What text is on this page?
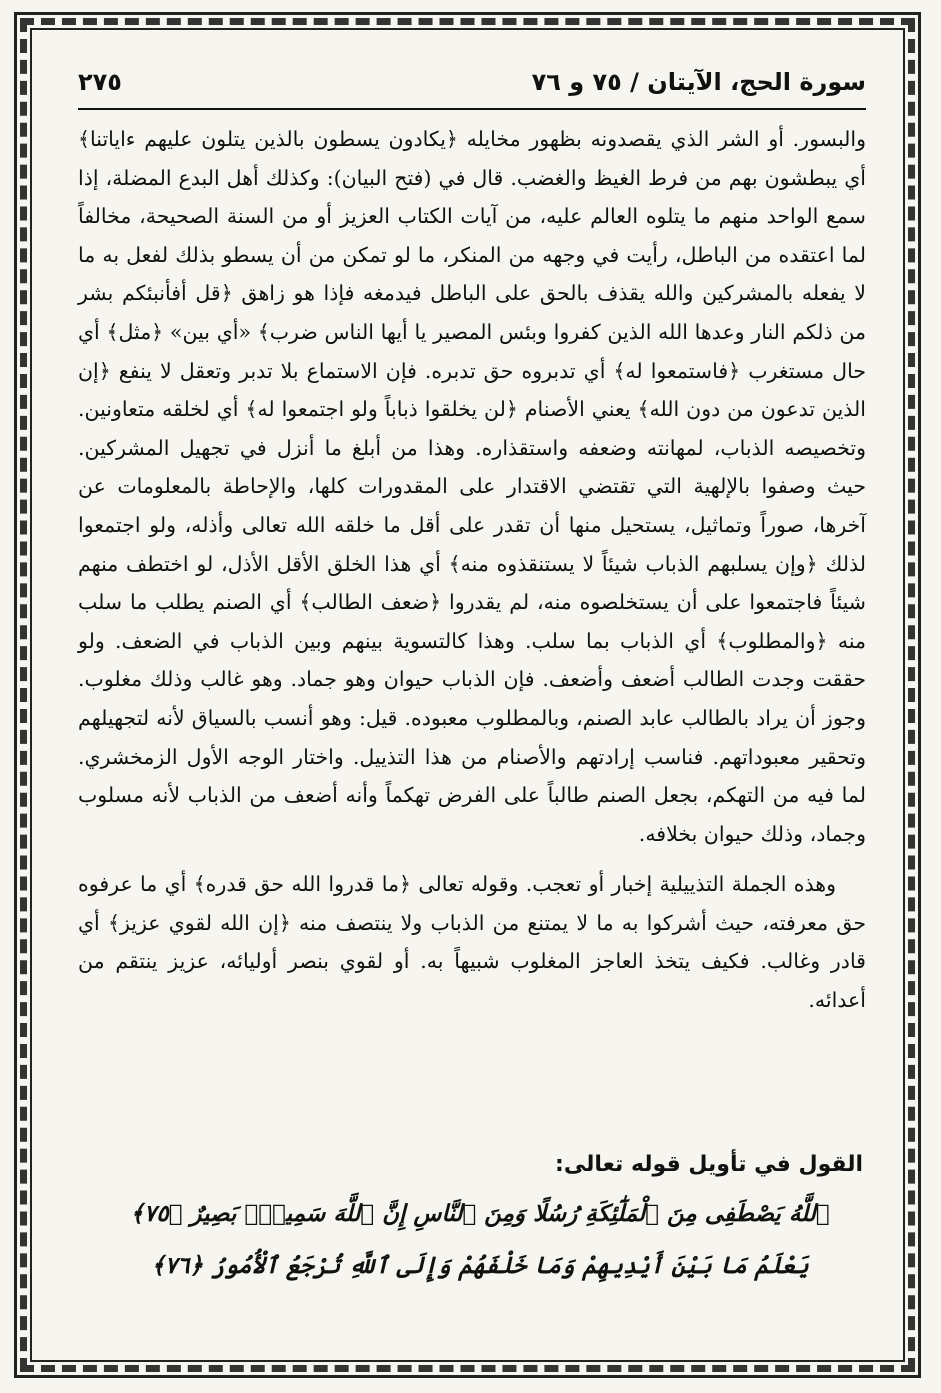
سورة الحج، الآيتان / ٧٥ و ٧٦
٢٧٥

والبسور. أو الشر الذي يقصدونه بظهور مخايله ﴿يكادون يسطون بالذين يتلون عليهم ءاياتنا﴾ أي يبطشون بهم من فرط الغيظ والغضب. قال في (فتح البيان): وكذلك أهل البدع المضلة، إذا سمع الواحد منهم ما يتلوه العالم عليه، من آيات الكتاب العزيز أو من السنة الصحيحة، مخالفاً لما اعتقده من الباطل، رأيت في وجهه من المنكر، ما لو تمكن من أن يسطو بذلك لفعل به ما لا يفعله بالمشركين والله يقذف بالحق على الباطل فيدمغه فإذا هو زاهق ﴿قل أفأنبئكم بشر من ذلكم النار وعدها الله الذين كفروا وبئس المصير يا أيها الناس ضرب﴾ «أي بين» ﴿مثل﴾ أي حال مستغرب ﴿فاستمعوا له﴾ أي تدبروه حق تدبره. فإن الاستماع بلا تدبر وتعقل لا ينفع ﴿إن الذين تدعون من دون الله﴾ يعني الأصنام ﴿لن يخلقوا ذباباً ولو اجتمعوا له﴾ أي لخلقه متعاونين. وتخصيصه الذباب، لمهانته وضعفه واستقذاره. وهذا من أبلغ ما أنزل في تجهيل المشركين. حيث وصفوا بالإلهية التي تقتضي الاقتدار على المقدورات كلها، والإحاطة بالمعلومات عن آخرها، صوراً وتماثيل، يستحيل منها أن تقدر على أقل ما خلقه الله تعالى وأذله، ولو اجتمعوا لذلك ﴿وإن يسلبهم الذباب شيئاً لا يستنقذوه منه﴾ أي هذا الخلق الأقل الأذل، لو اختطف منهم شيئاً فاجتمعوا على أن يستخلصوه منه، لم يقدروا ﴿ضعف الطالب﴾ أي الصنم يطلب ما سلب منه ﴿والمطلوب﴾ أي الذباب بما سلب. وهذا كالتسوية بينهم وبين الذباب في الضعف. ولو حققت وجدت الطالب أضعف وأضعف. فإن الذباب حيوان وهو جماد. وهو غالب وذلك مغلوب. وجوز أن يراد بالطالب عابد الصنم، وبالمطلوب معبوده. قيل: وهو أنسب بالسياق لأنه لتجهيلهم وتحقير معبوداتهم. فناسب إرادتهم والأصنام من هذا التذييل. واختار الوجه الأول الزمخشري. لما فيه من التهكم، بجعل الصنم طالباً على الفرض تهكماً وأنه أضعف من الذباب لأنه مسلوب وجماد، وذلك حيوان بخلافه.

وهذه الجملة التذييلية إخبار أو تعجب. وقوله تعالى ﴿ما قدروا الله حق قدره﴾ أي ما عرفوه حق معرفته، حيث أشركوا به ما لا يمتنع من الذباب ولا ينتصف منه ﴿إن الله لقوي عزيز﴾ أي قادر وغالب. فكيف يتخذ العاجز المغلوب شبيهاً به. أو لقوي بنصر أوليائه، عزيز ينتقم من أعدائه.

القول في تأويل قوله تعالى:
ٱللَّهُ يَصْطَفِى مِنَ ٱلْمَلَٰٓئِكَةِ رُسُلًا وَمِنَ ٱلنَّاسِ إِنَّ ٱللَّهَ سَمِيعٌۢ بَصِيرٌ ﴿٧٥﴾
يَعْلَمُ مَا بَيْنَ أَيْدِيهِمْ وَمَا خَلْفَهُمْ وَإِلَى ٱللَّهِ تُرْجَعُ ٱلْأُمُورُ ﴿٧٦﴾
